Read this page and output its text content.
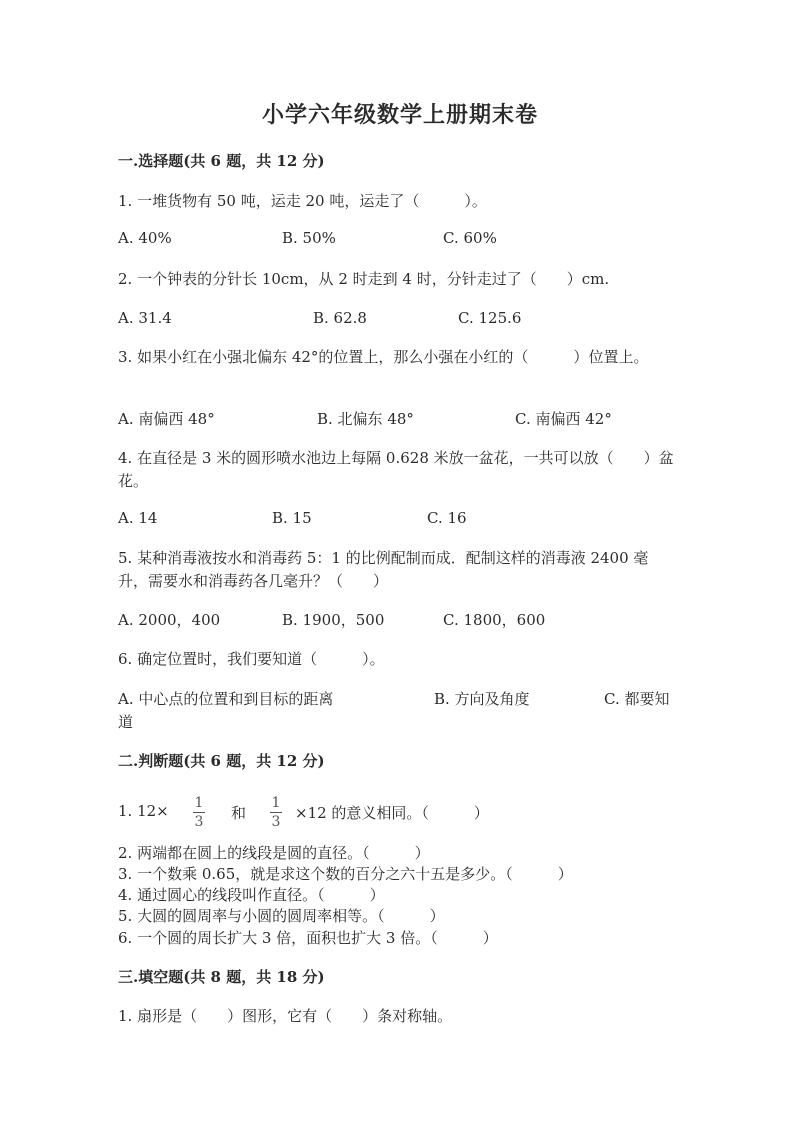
小学六年级数学上册期末卷
一.选择题(共 6 题，共 12 分)
1. 一堆货物有 50 吨，运走 20 吨，运走了（　　　）。
A. 40%	B. 50%	C. 60%
2. 一个钟表的分针长 10cm，从 2 时走到 4 时，分针走过了（　　）cm.
A. 31.4	B. 62.8	C. 125.6
3. 如果小红在小强北偏东 42°的位置上，那么小强在小红的（　　　）位置上。
A. 南偏西 48°	B. 北偏东 48°	C. 南偏西 42°
4. 在直径是 3 米的圆形喷水池边上每隔 0.628 米放一盆花，一共可以放（　　）盆花。
A. 14	B. 15	C. 16
5. 某种消毒液按水和消毒药 5：1 的比例配制而成．配制这样的消毒液 2400 毫升，需要水和消毒药各几毫升？（　　）
A. 2000，400	B. 1900，500	C. 1800，600
6. 确定位置时，我们要知道（　　　）。
A. 中心点的位置和到目标的距离	B. 方向及角度	C. 都要知道
二.判断题(共 6 题，共 12 分)
1. 12× 1
3 和
1
3 ×12 的意义相同。（　　　）
2. 两端都在圆上的线段是圆的直径。（　　　）
3. 一个数乘 0.65，就是求这个数的百分之六十五是多少。（　　　）
4. 通过圆心的线段叫作直径。（　　　）
5. 大圆的圆周率与小圆的圆周率相等。（　　　）
6. 一个圆的周长扩大 3 倍，面积也扩大 3 倍。（　　　）
三.填空题(共 8 题，共 18 分)
1. 扇形是（　　）图形，它有（　　）条对称轴。
